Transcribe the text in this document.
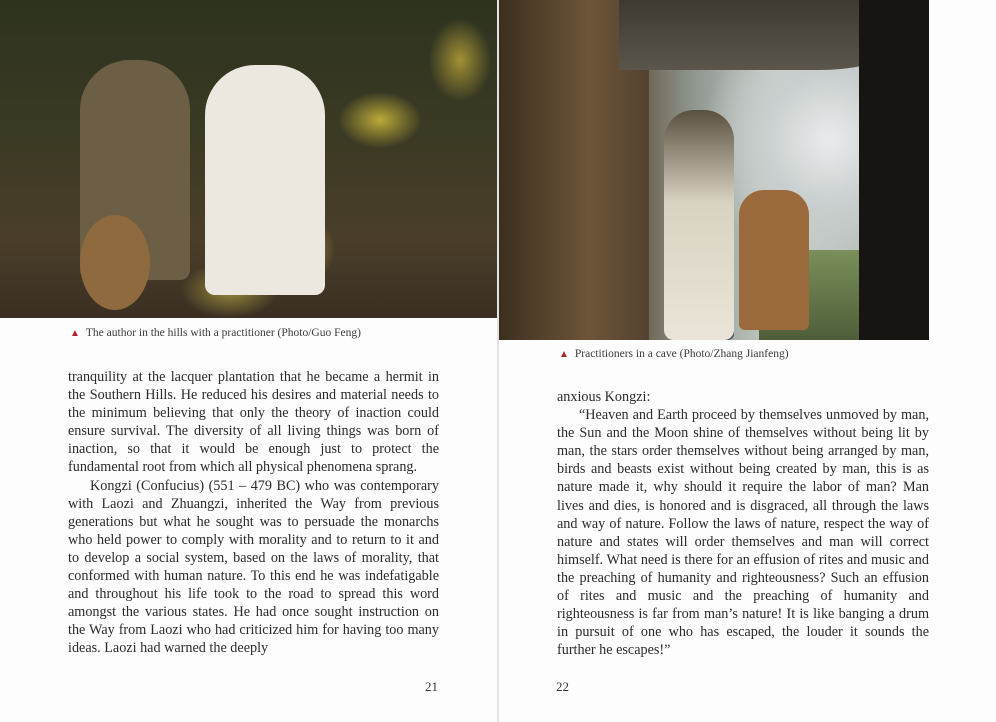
▲ The author in the hills with a practitioner (Photo/Guo Feng)

tranquility at the lacquer plantation that he became a hermit in the Southern Hills. He reduced his desires and material needs to the minimum believing that only the theory of inaction could ensure survival. The diversity of all living things was born of inaction, so that it would be enough just to protect the fundamental root from which all physical phenomena sprang.

Kongzi (Confucius) (551 – 479 BC) who was contemporary with Laozi and Zhuangzi, inherited the Way from previous generations but what he sought was to persuade the monarchs who held power to comply with morality and to return to it and to develop a social system, based on the laws of morality, that conformed with human nature. To this end he was indefatigable and throughout his life took to the road to spread this word amongst the various states. He had once sought instruction on the Way from Laozi who had criticized him for having too many ideas. Laozi had warned the deeply

21
▲ Practitioners in a cave (Photo/Zhang Jianfeng)

anxious Kongzi:

“Heaven and Earth proceed by themselves unmoved by man, the Sun and the Moon shine of themselves without being lit by man, the stars order themselves without being arranged by man, birds and beasts exist without being created by man, this is as nature made it, why should it require the labor of man? Man lives and dies, is honored and is disgraced, all through the laws and way of nature. Follow the laws of nature, respect the way of nature and states will order themselves and man will correct himself. What need is there for an effusion of rites and music and the preaching of humanity and righteousness? Such an effusion of rites and music and the preaching of humanity and righteousness is far from man’s nature! It is like banging a drum in pursuit of one who has escaped, the louder it sounds the further he escapes!”

22
